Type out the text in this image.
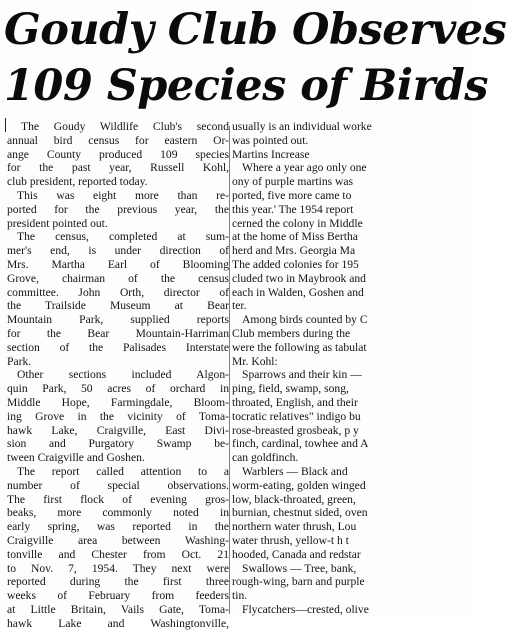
Goudy Club Observes
109 Species of Birds
The Goudy Wildlife Club's second
annual bird census for eastern Or-
ange County produced 109 species
for the past year, Russell Kohl,
club president, reported today.
This was eight more than re-
ported for the previous year, the
president pointed out.
The census, completed at sum-
mer's end, is under direction of
Mrs. Martha Earl of Blooming
Grove, chairman of the census
committee. John Orth, director of
the Trailside Museum at Bear
Mountain Park, supplied reports
for the Bear Mountain-Harriman
section of the Palisades Interstate
Park.
Other sections included Algon-
quin Park, 50 acres of orchard in
Middle Hope, Farmingdale, Bloom-
ing Grove in the vicinity of Toma-
hawk Lake, Craigville, East Divi-
sion and Purgatory Swamp be-
tween Craigville and Goshen.
The report called attention to a
number of special observations.
The first flock of evening gros-
beaks, more commonly noted in
early spring, was reported in the
Craigville area between Washing-
tonville and Chester from Oct. 21
to Nov. 7, 1954. They next were
reported during the first three
weeks of February from feeders
at Little Britain, Vails Gate, Toma-
hawk Lake and Washingtonville,
usually is an individual worke
was pointed out.
Martins Increase
Where a year ago only one
ony of purple martins was
ported, five more came to
this year.' The 1954 report
cerned the colony in Middle
at the home of Miss Bertha
herd and Mrs. Georgia Ma
The added colonies for 195
cluded two in Maybrook and
each in Walden, Goshen and
ter.
Among birds counted by C
Club members during the
were the following as tabulat
Mr. Kohl:
Sparrows and their kin —
ping, field, swamp, song,
throated, English, and their
tocratic relatives" indigo bu
rose-breasted grosbeak, p y
finch, cardinal, towhee and A
can goldfinch.
Warblers — Black and
worm-eating, golden winged
low, black-throated, green,
burnian, chestnut sided, oven
northern water thrush, Lou
water thrush, yellow-t h t
hooded, Canada and redstar
Swallows — Tree, bank,
rough-wing, barn and purple
tin.
Flycatchers—crested, olive
